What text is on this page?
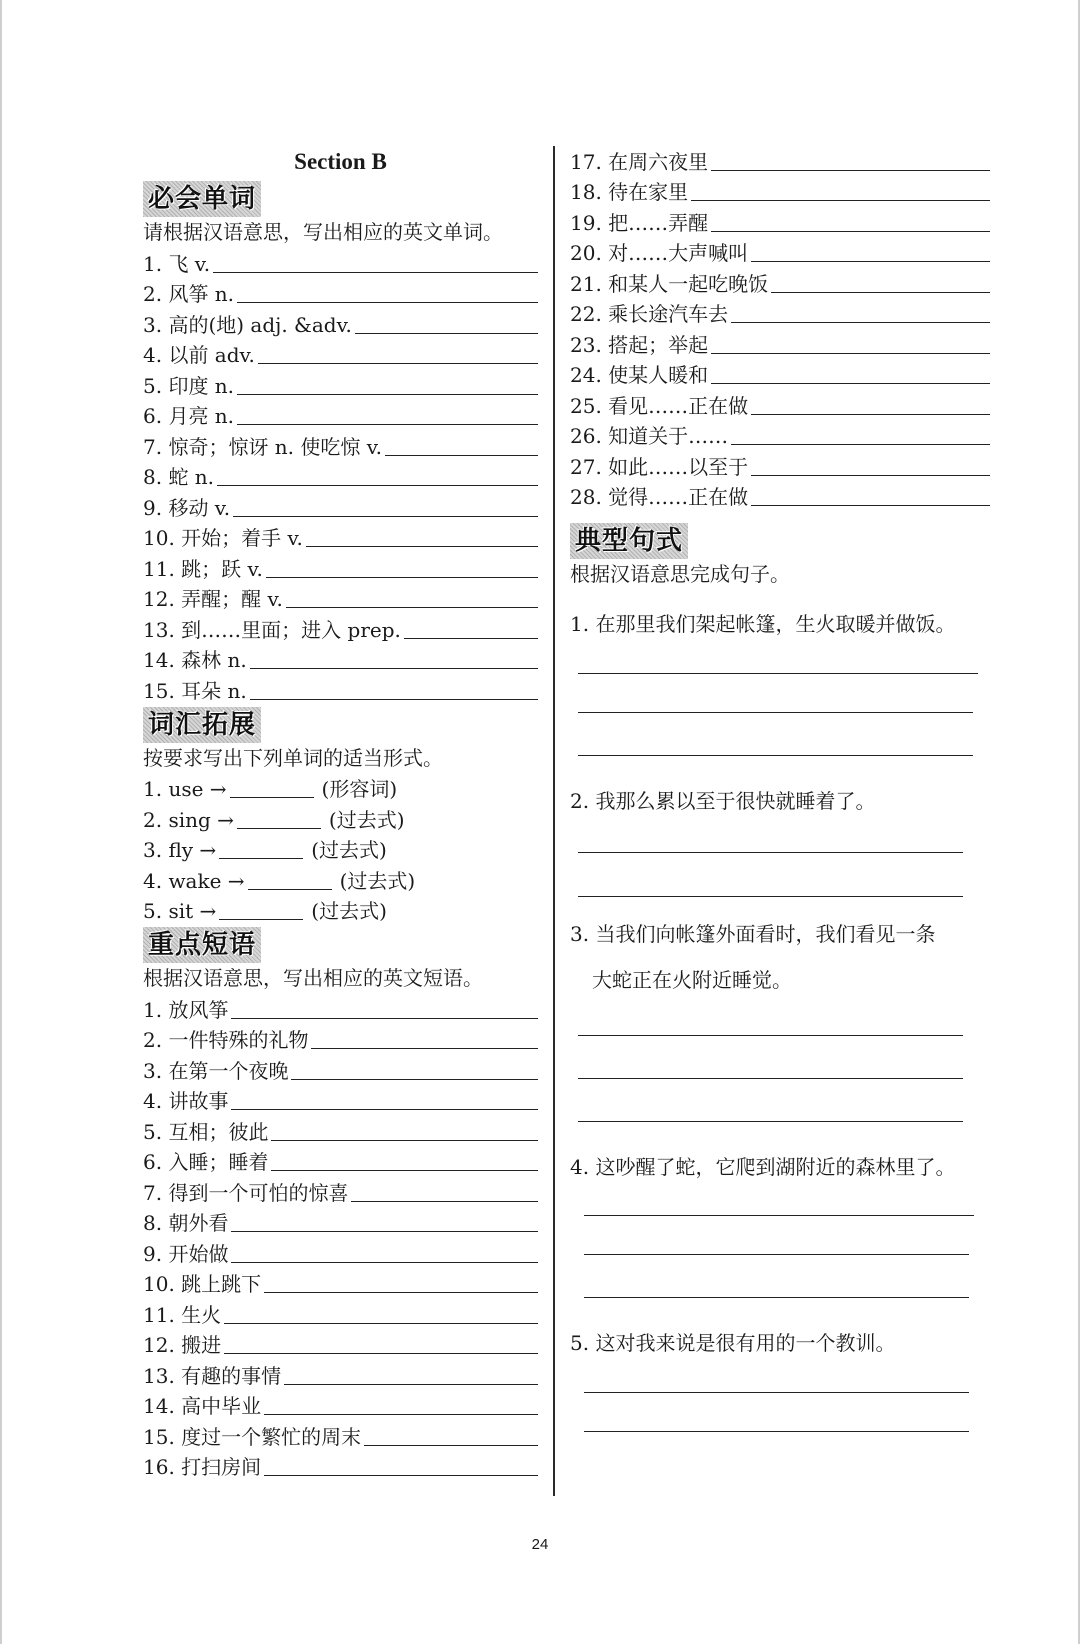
Section B
必会单词
请根据汉语意思，写出相应的英文单词。
1. 飞 v.
2. 风筝 n.
3. 高的(地) adj. &adv.
4. 以前 adv.
5. 印度 n.
6. 月亮 n.
7. 惊奇；惊讶 n. 使吃惊 v.
8. 蛇 n.
9. 移动 v.
10. 开始；着手 v.
11. 跳；跃 v.
12. 弄醒；醒 v.
13. 到……里面；进入 prep.
14. 森林 n.
15. 耳朵 n.
词汇拓展
按要求写出下列单词的适当形式。
1. use →	(形容词)
2. sing →	(过去式)
3. fly →	(过去式)
4. wake →	(过去式)
5. sit →	(过去式)
重点短语
根据汉语意思，写出相应的英文短语。
1. 放风筝
2. 一件特殊的礼物
3. 在第一个夜晚
4. 讲故事
5. 互相；彼此
6. 入睡；睡着
7. 得到一个可怕的惊喜
8. 朝外看
9. 开始做
10. 跳上跳下
11. 生火
12. 搬进
13. 有趣的事情
14. 高中毕业
15. 度过一个繁忙的周末
16. 打扫房间
17. 在周六夜里
18. 待在家里
19. 把……弄醒
20. 对……大声喊叫
21. 和某人一起吃晚饭
22. 乘长途汽车去
23. 搭起；举起
24. 使某人暖和
25. 看见……正在做
26. 知道关于……
27. 如此……以至于
28. 觉得……正在做
典型句式
根据汉语意思完成句子。
1. 在那里我们架起帐篷，生火取暖并做饭。
2. 我那么累以至于很快就睡着了。
3. 当我们向帐篷外面看时，我们看见一条
大蛇正在火附近睡觉。
4. 这吵醒了蛇，它爬到湖附近的森林里了。
5. 这对我来说是很有用的一个教训。
24
